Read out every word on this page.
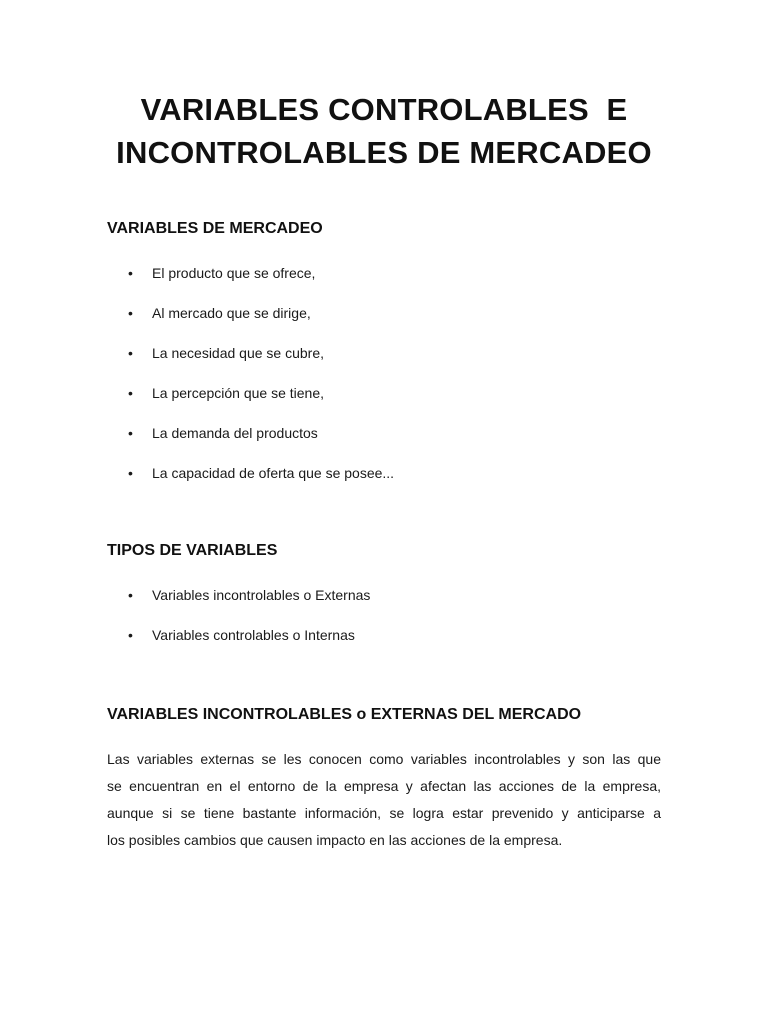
VARIABLES CONTROLABLES  E
INCONTROLABLES DE MERCADEO
VARIABLES DE MERCADEO
•	El producto que se ofrece,
•	Al mercado que se dirige,
•	La necesidad que se cubre,
•	La percepción que se tiene,
•	La demanda del productos
•	La capacidad de oferta que se posee...
TIPOS DE VARIABLES
•	Variables incontrolables o Externas
•	Variables controlables o Internas
VARIABLES INCONTROLABLES o EXTERNAS DEL MERCADO

Las variables externas se les conocen como variables incontrolables y son las que
se encuentran en el entorno de la empresa y afectan las acciones de la empresa,
aunque si se tiene bastante información, se logra estar prevenido y anticiparse a
los posibles cambios que causen impacto en las acciones de la empresa.
